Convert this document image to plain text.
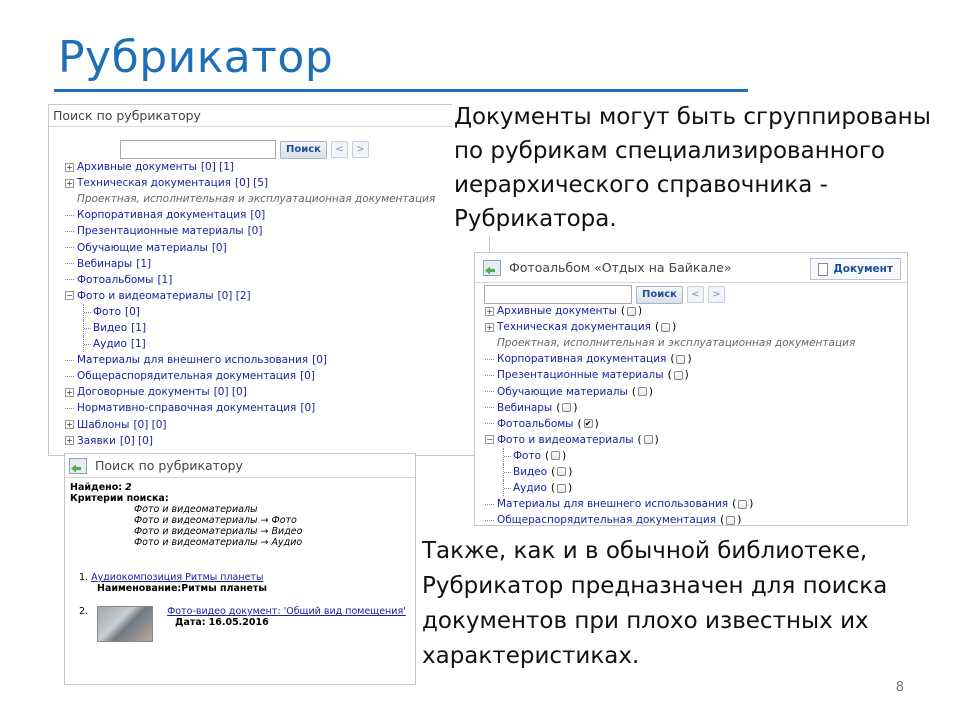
Рубрикатор
Поиск по рубрикатору
Поиск	<	>
+ Архивные документы [0] [1]
+ Техническая документация [0] [5]
Проектная, исполнительная и эксплуатационная документация
Корпоративная документация [0]
Презентационные материалы [0]
Обучающие материалы [0]
Вебинары [1]
Фотоальбомы [1]
− Фото и видеоматериалы [0] [2]
Фото [0]
Видео [1]
Аудио [1]
Материалы для внешнего использования [0]
Общераспорядительная документация [0]
+ Договорные документы [0] [0]
Нормативно-справочная документация [0]
+ Шаблоны [0] [0]
+ Заявки [0] [0]
Документы могут быть сгруппированы по рубрикам специализированного иерархического справочника - Рубрикатора.
Фотоальбом «Отдых на Байкале»	Документ
Поиск	<	>
+ Архивные документы ( )
+ Техническая документация ( )
Проектная, исполнительная и эксплуатационная документация
Корпоративная документация ( )
Презентационные материалы ( )
Обучающие материалы ( )
Вебинары ( )
Фотоальбомы ( ✔ )
− Фото и видеоматериалы ( )
Фото ( )
Видео ( )
Аудио ( )
Материалы для внешнего использования ( )
Общераспорядительная документация ( )
Поиск по рубрикатору
Найдено: 2
Критерии поиска:
Фото и видеоматериалы
Фото и видеоматериалы → Фото
Фото и видеоматериалы → Видео
Фото и видеоматериалы → Аудио
1. Аудиокомпозиция Ритмы планеты
Наименование:Ритмы планеты
2.	Фото-видео документ: 'Общий вид помещения'
Дата: 16.05.2016
Также, как и в обычной библиотеке, Рубрикатор предназначен для поиска документов при плохо известных их характеристиках.
8
